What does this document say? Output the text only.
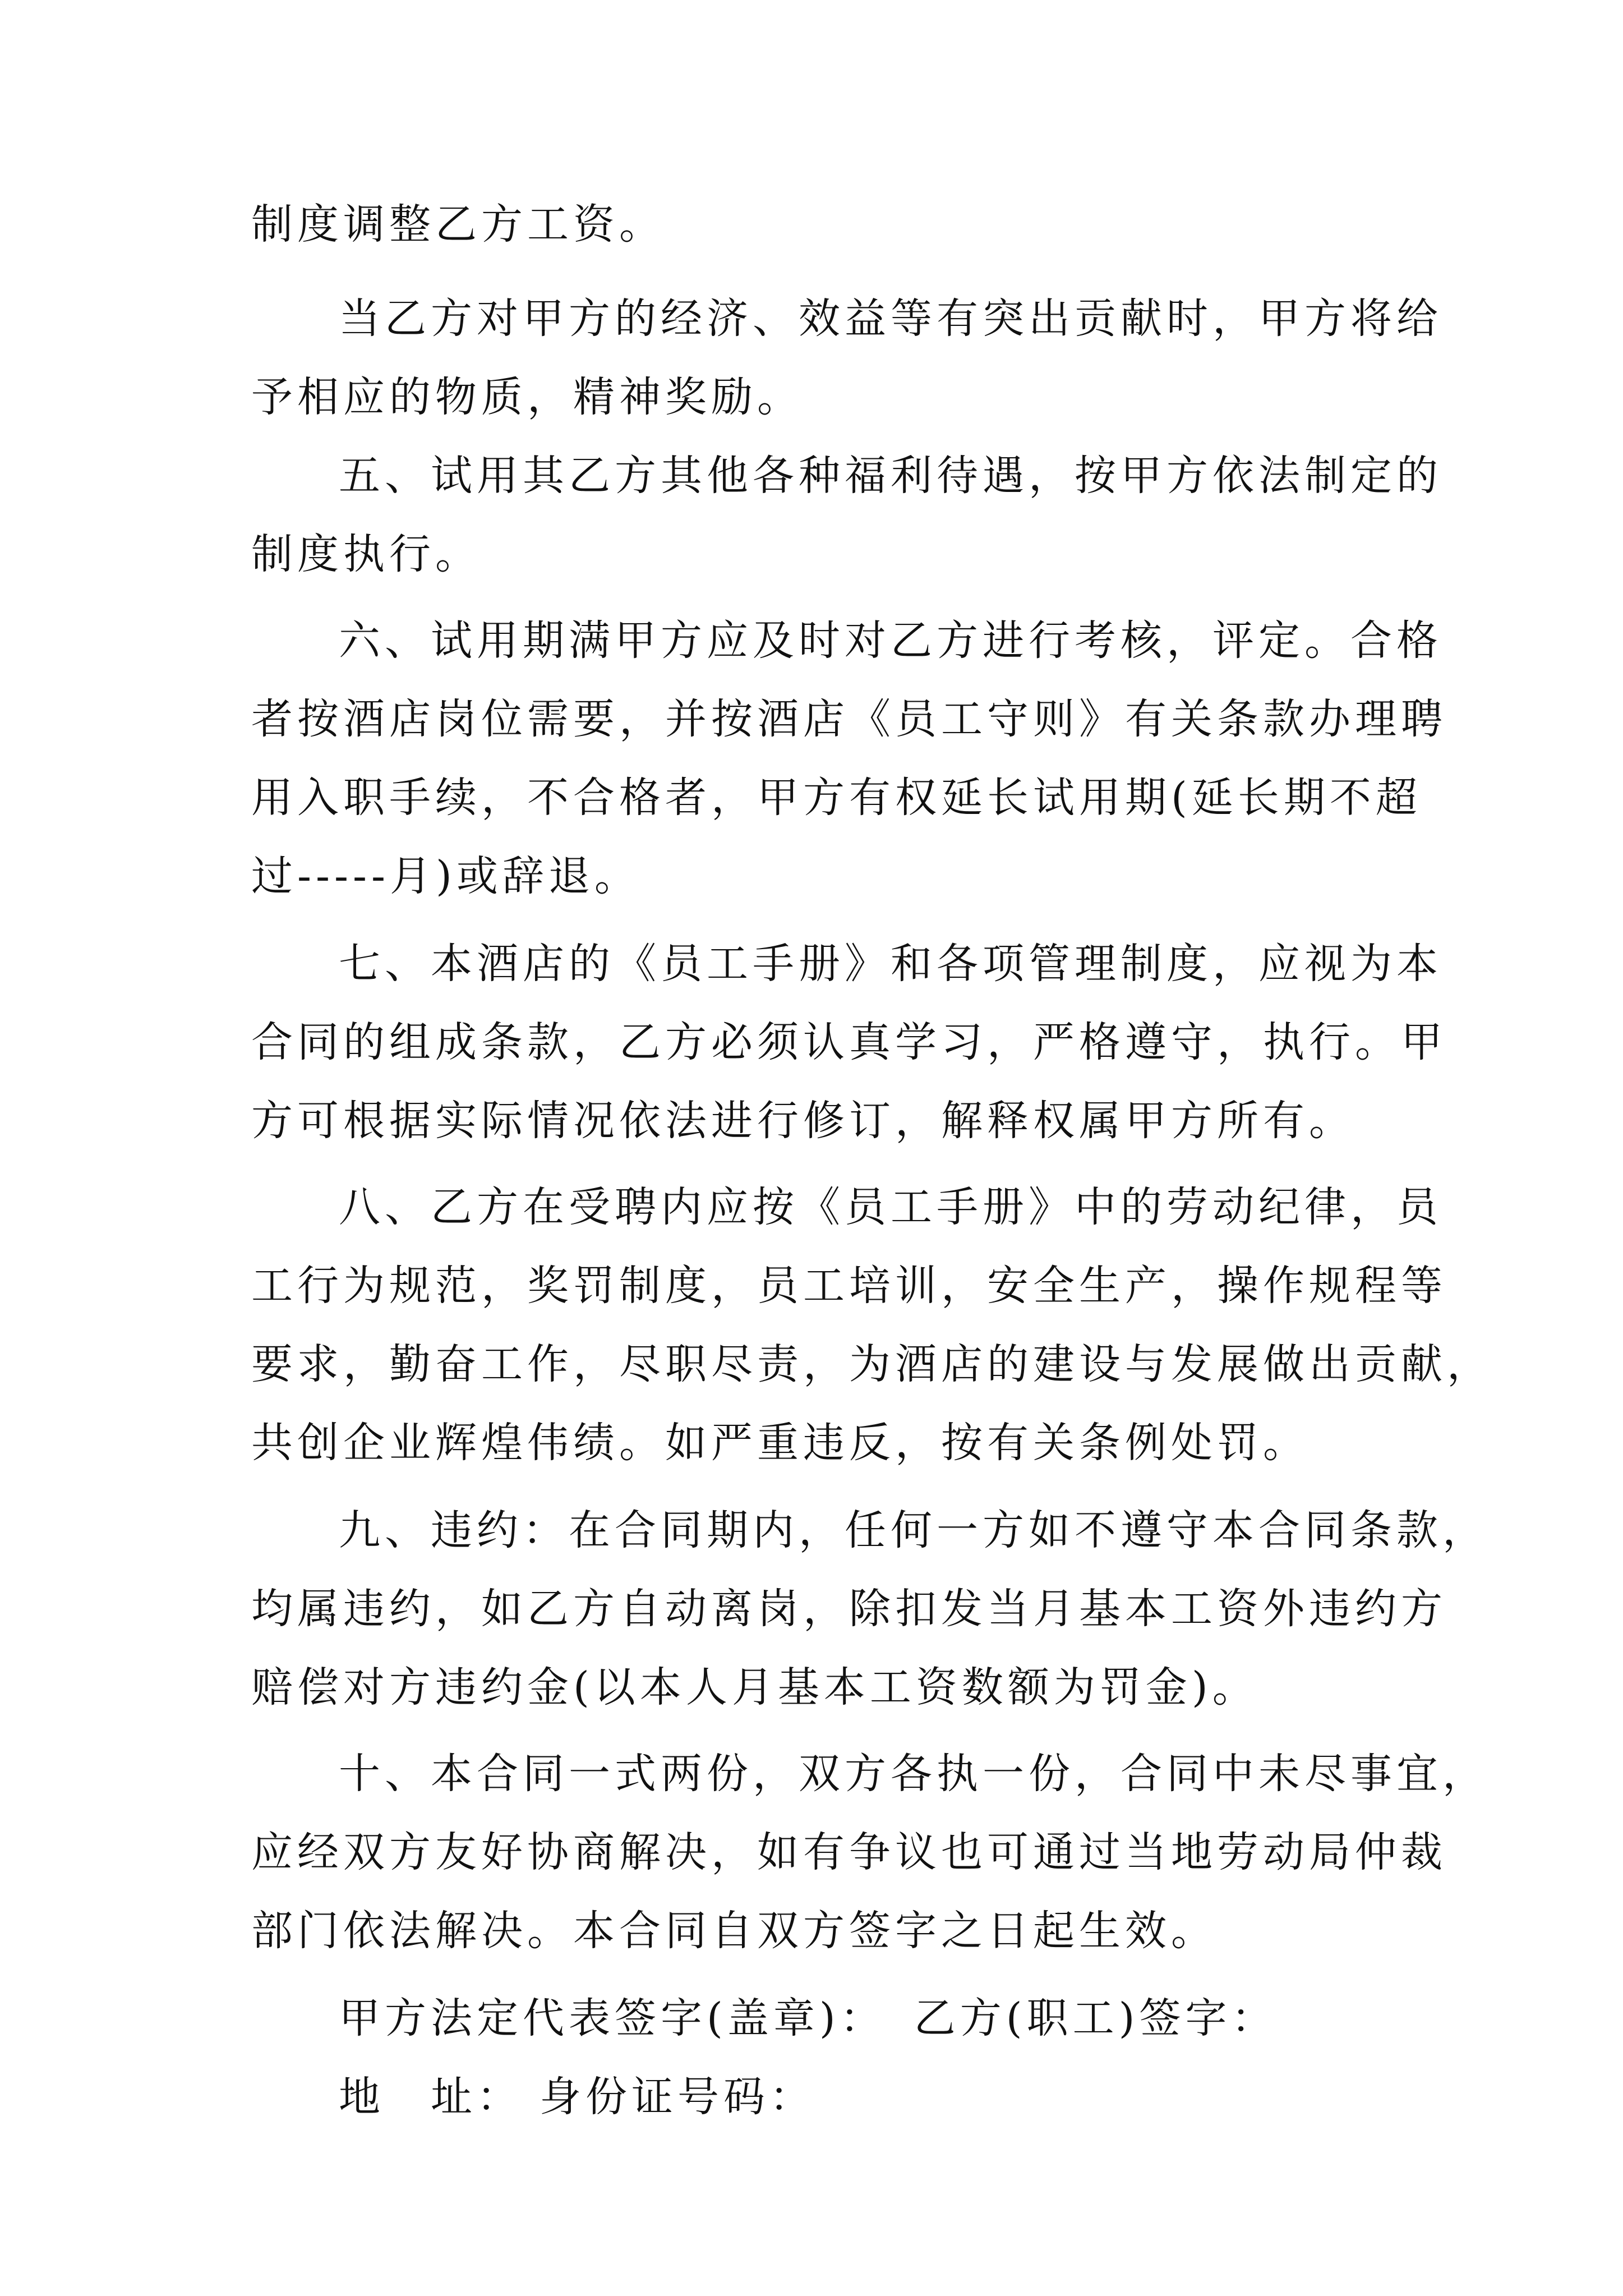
制度调整乙方工资。
当乙方对甲方的经济、效益等有突出贡献时，甲方将给
予相应的物质，精神奖励。
五、试用其乙方其他各种福利待遇，按甲方依法制定的
制度执行。
六、试用期满甲方应及时对乙方进行考核，评定。合格
者按酒店岗位需要，并按酒店《员工守则》有关条款办理聘
用入职手续，不合格者，甲方有权延长试用期(延长期不超
过-----月)或辞退。
七、本酒店的《员工手册》和各项管理制度，应视为本
合同的组成条款，乙方必须认真学习，严格遵守，执行。甲
方可根据实际情况依法进行修订，解释权属甲方所有。
八、乙方在受聘内应按《员工手册》中的劳动纪律，员
工行为规范，奖罚制度，员工培训，安全生产，操作规程等
要求，勤奋工作，尽职尽责，为酒店的建设与发展做出贡献，
共创企业辉煌伟绩。如严重违反，按有关条例处罚。
九、违约：在合同期内，任何一方如不遵守本合同条款，
均属违约，如乙方自动离岗，除扣发当月基本工资外违约方
赔偿对方违约金(以本人月基本工资数额为罚金)。
十、本合同一式两份，双方各执一份，合同中未尽事宜，
应经双方友好协商解决，如有争议也可通过当地劳动局仲裁
部门依法解决。本合同自双方签字之日起生效。
甲方法定代表签字(盖章)： 乙方(职工)签字：
地　址： 身份证号码：
